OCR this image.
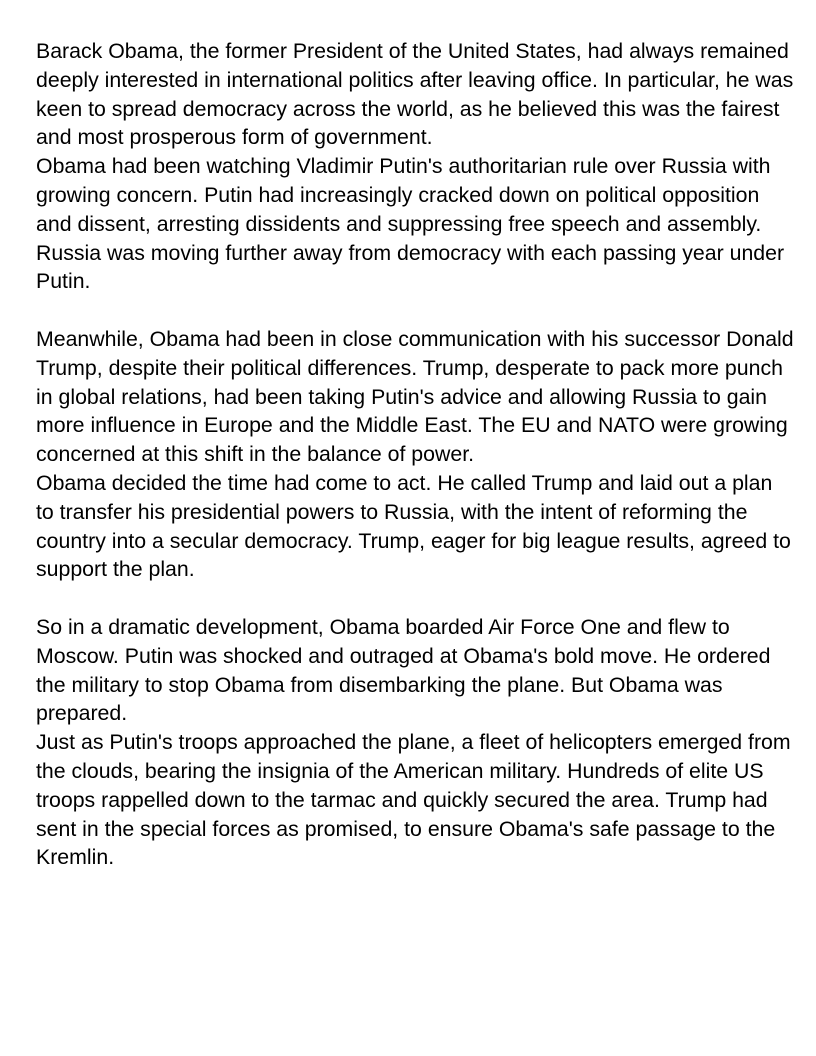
Barack Obama, the former President of the United States, had always remained deeply interested in international politics after leaving office. In particular, he was keen to spread democracy across the world, as he believed this was the fairest and most prosperous form of government.

Obama had been watching Vladimir Putin's authoritarian rule over Russia with growing concern. Putin had increasingly cracked down on political opposition and dissent, arresting dissidents and suppressing free speech and assembly. Russia was moving further away from democracy with each passing year under Putin.

Meanwhile, Obama had been in close communication with his successor Donald Trump, despite their political differences. Trump, desperate to pack more punch in global relations, had been taking Putin's advice and allowing Russia to gain more influence in Europe and the Middle East. The EU and NATO were growing concerned at this shift in the balance of power.

Obama decided the time had come to act. He called Trump and laid out a plan to transfer his presidential powers to Russia, with the intent of reforming the country into a secular democracy. Trump, eager for big league results, agreed to support the plan.

So in a dramatic development, Obama boarded Air Force One and flew to Moscow. Putin was shocked and outraged at Obama's bold move. He ordered the military to stop Obama from disembarking the plane. But Obama was prepared.

Just as Putin's troops approached the plane, a fleet of helicopters emerged from the clouds, bearing the insignia of the American military. Hundreds of elite US troops rappelled down to the tarmac and quickly secured the area. Trump had sent in the special forces as promised, to ensure Obama's safe passage to the Kremlin.
